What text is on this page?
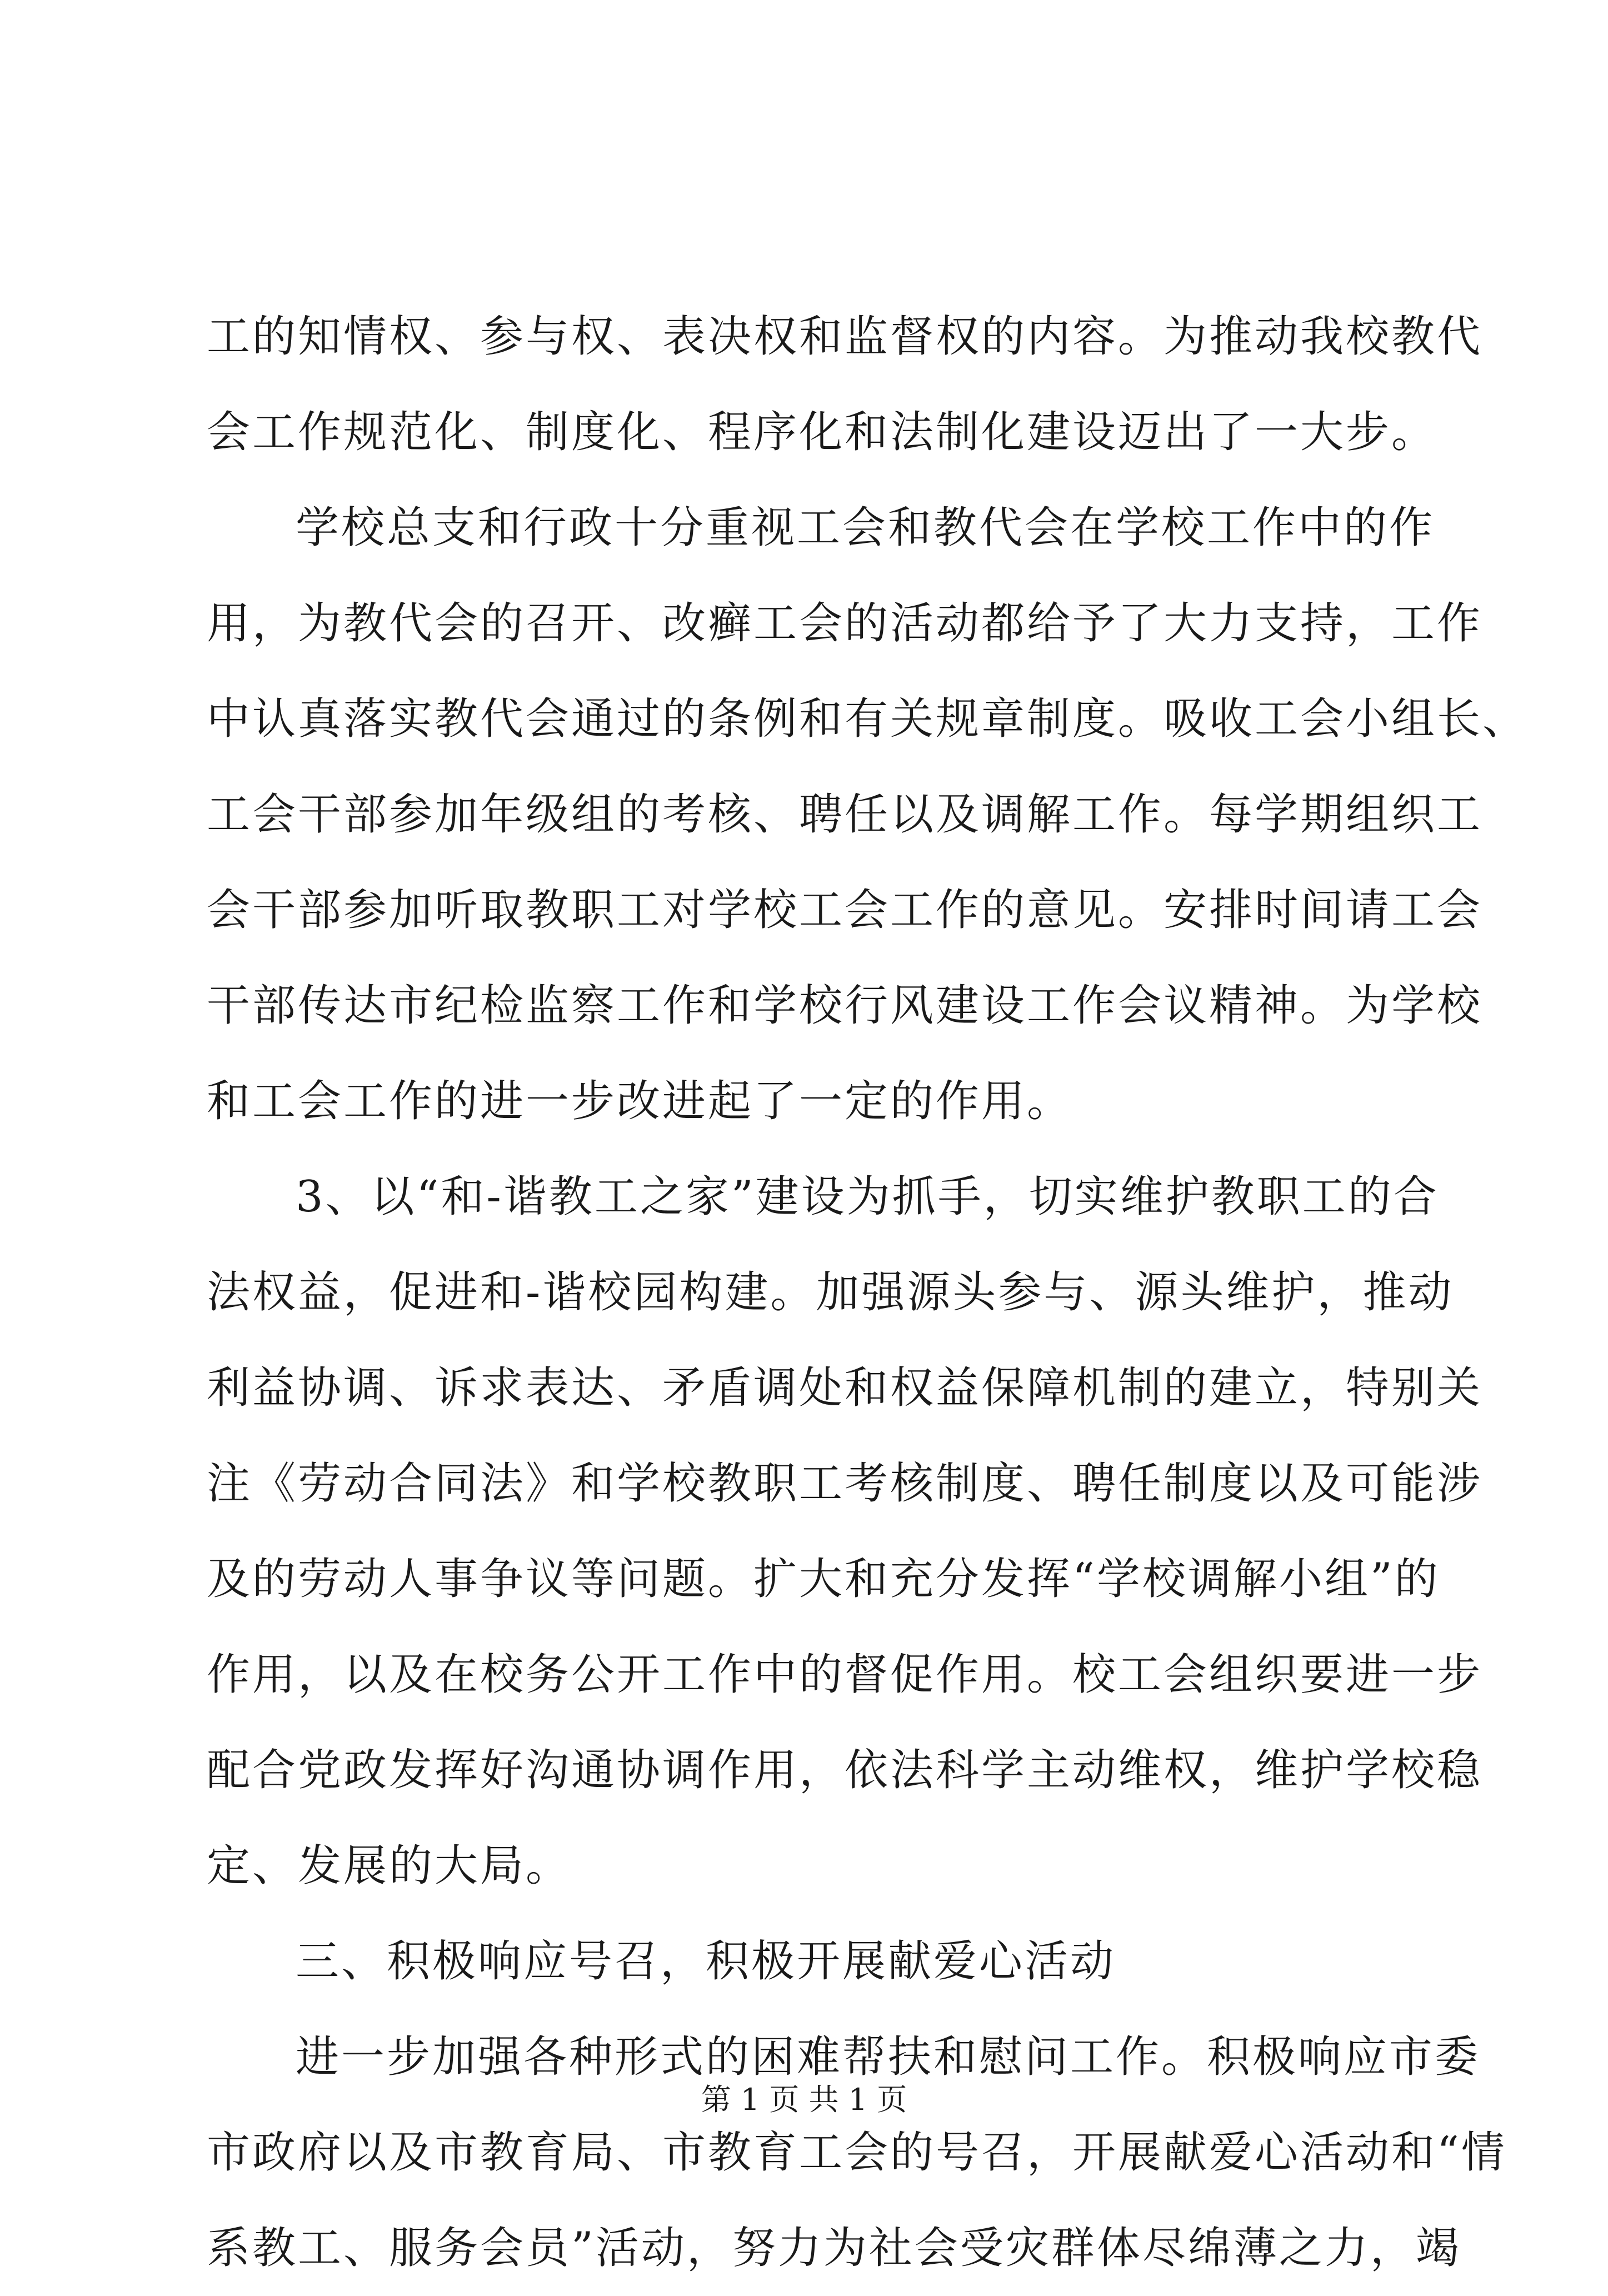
工的知情权、参与权、表决权和监督权的内容。为推动我校教代
会工作规范化、制度化、程序化和法制化建设迈出了一大步。
学校总支和行政十分重视工会和教代会在学校工作中的作
用，为教代会的召开、改癣工会的活动都给予了大力支持，工作
中认真落实教代会通过的条例和有关规章制度。吸收工会小组长、
工会干部参加年级组的考核、聘任以及调解工作。每学期组织工
会干部参加听取教职工对学校工会工作的意见。安排时间请工会
干部传达市纪检监察工作和学校行风建设工作会议精神。为学校
和工会工作的进一步改进起了一定的作用。
3、以“和-谐教工之家”建设为抓手，切实维护教职工的合
法权益，促进和-谐校园构建。加强源头参与、源头维护，推动
利益协调、诉求表达、矛盾调处和权益保障机制的建立，特别关
注《劳动合同法》和学校教职工考核制度、聘任制度以及可能涉
及的劳动人事争议等问题。扩大和充分发挥“学校调解小组”的
作用，以及在校务公开工作中的督促作用。校工会组织要进一步
配合党政发挥好沟通协调作用，依法科学主动维权，维护学校稳
定、发展的大局。
三、积极响应号召，积极开展献爱心活动
进一步加强各种形式的困难帮扶和慰问工作。积极响应市委
市政府以及市教育局、市教育工会的号召，开展献爱心活动和“情
系教工、服务会员”活动，努力为社会受灾群体尽绵薄之力，竭
第 1 页 共 1 页
